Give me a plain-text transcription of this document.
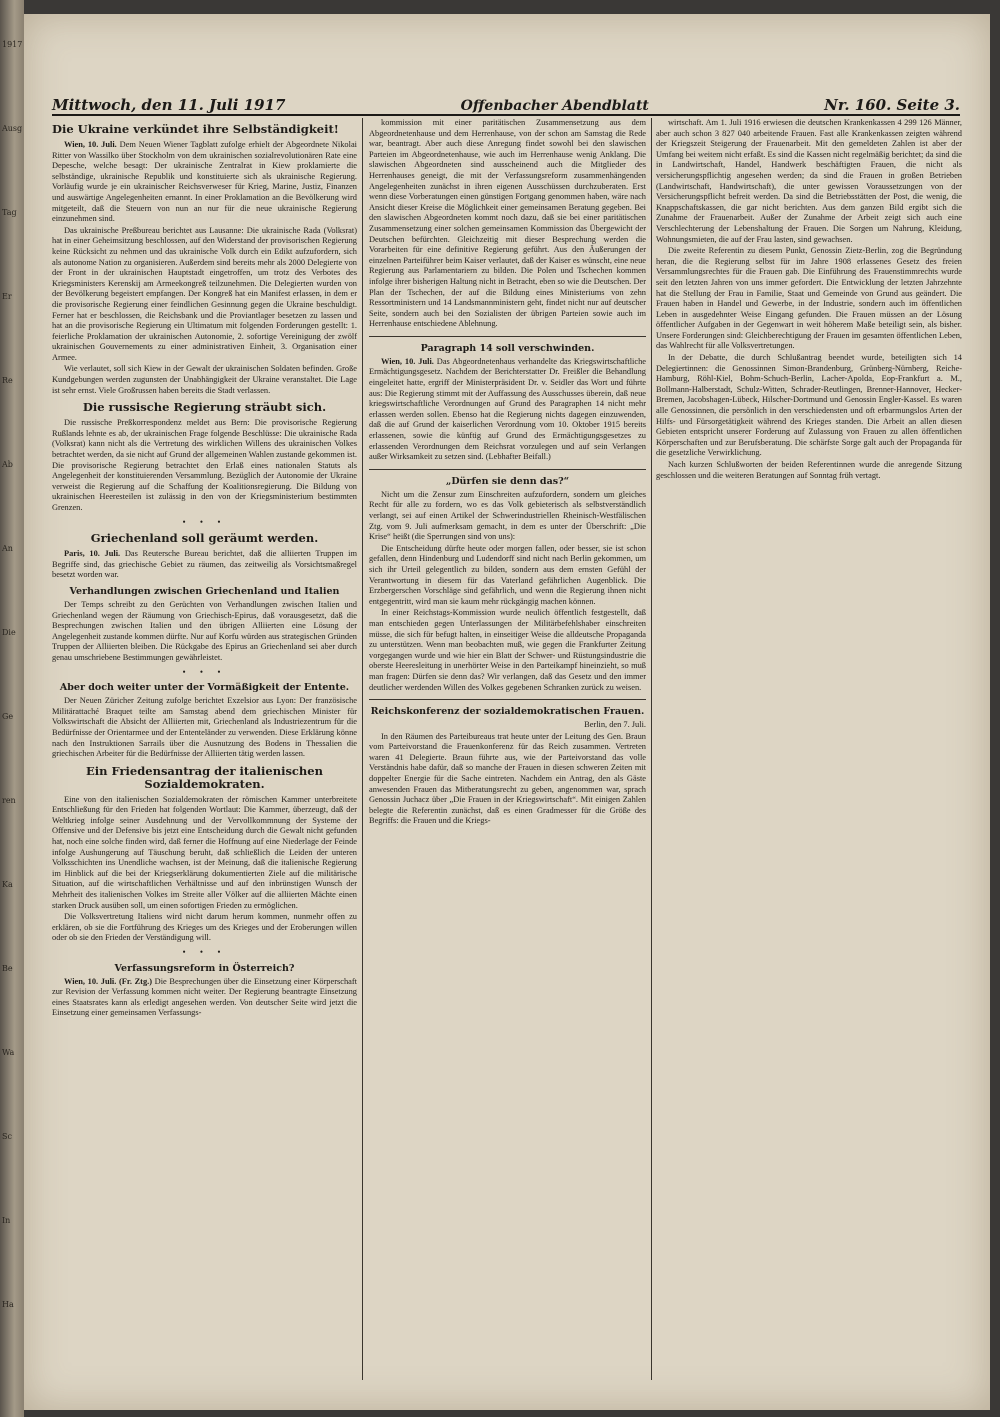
1917
Ausg
Tag
Er
Re
Ab
An
Die
Ge
ren
Ka
Be
Wa
Sc
In
Ha
Mittwoch, den 11. Juli 1917	Offenbacher Abendblatt	Nr. 160. Seite 3.
Die Ukraine verkündet ihre Selbständigkeit!

Wien, 10. Juli. Dem Neuen Wiener Tagblatt zufolge erhielt der Abgeordnete Nikolai Ritter von Wassilko über Stockholm von dem ukrainischen sozialrevolutionären Rate eine Depesche, welche besagt: Der ukrainische Zentralrat in Kiew proklamierte die selbständige, ukrainische Republik und konstituierte sich als ukrainische Regierung. Vorläufig wurde je ein ukrainischer Reichsverweser für Krieg, Marine, Justiz, Finanzen und auswärtige Angelegenheiten ernannt. In einer Proklamation an die Bevölkerung wird mitgeteilt, daß die Steuern von nun an nur für die neue ukrainische Regierung einzunehmen sind.

Das ukrainische Preßbureau berichtet aus Lausanne: Die ukrainische Rada (Volksrat) hat in einer Geheimsitzung beschlossen, auf den Widerstand der provisorischen Regierung keine Rücksicht zu nehmen und das ukrainische Volk durch ein Edikt aufzufordern, sich als autonome Nation zu organisieren. Außerdem sind bereits mehr als 2000 Delegierte von der Front in der ukrainischen Hauptstadt eingetroffen, um trotz des Verbotes des Kriegsministers Kerenskij am Armeekongreß teilzunehmen. Die Delegierten wurden von der Bevölkerung begeistert empfangen. Der Kongreß hat ein Manifest erlassen, in dem er die provisorische Regierung einer feindlichen Gesinnung gegen die Ukraine beschuldigt. Ferner hat er beschlossen, die Reichsbank und die Proviantlager besetzen zu lassen und hat an die provisorische Regierung ein Ultimatum mit folgenden Forderungen gestellt: 1. feierliche Proklamation der ukrainischen Autonomie, 2. sofortige Vereinigung der zwölf ukrainischen Gouvernements zu einer administrativen Einheit, 3. Organisation einer Armee.

Wie verlautet, soll sich Kiew in der Gewalt der ukrainischen Soldaten befinden. Große Kundgebungen werden zugunsten der Unabhängigkeit der Ukraine veranstaltet. Die Lage ist sehr ernst. Viele Großrussen haben bereits die Stadt verlassen.

Die russische Regierung sträubt sich.

Die russische Preßkorrespondenz meldet aus Bern: Die provisorische Regierung Rußlands lehnte es ab, der ukrainischen Frage folgende Beschlüsse: Die ukrainische Rada (Volksrat) kann nicht als die Vertretung des wirklichen Willens des ukrainischen Volkes betrachtet werden, da sie nicht auf Grund der allgemeinen Wahlen zustande gekommen ist. Die provisorische Regierung betrachtet den Erlaß eines nationalen Statuts als Angelegenheit der konstituierenden Versammlung. Bezüglich der Autonomie der Ukraine verweist die Regierung auf die Schaffung der Koalitionsregierung. Die Bildung von ukrainischen Heeresteilen ist zulässig in den von der Kriegsministerium bestimmten Grenzen.

• • •
Griechenland soll geräumt werden.

Paris, 10. Juli. Das Reutersche Bureau berichtet, daß die alliierten Truppen im Begriffe sind, das griechische Gebiet zu räumen, das zeitweilig als Vorsichtsmaßregel besetzt worden war.

Verhandlungen zwischen Griechenland und Italien

Der Temps schreibt zu den Gerüchten von Verhandlungen zwischen Italien und Griechenland wegen der Räumung von Griechisch-Epirus, daß vorausgesetzt, daß die Besprechungen zwischen Italien und den übrigen Alliierten eine Lösung der Angelegenheit zustande kommen dürfte. Nur auf Korfu würden aus strategischen Gründen Truppen der Alliierten bleiben. Die Rückgabe des Epirus an Griechenland sei aber durch genau umschriebene Bestimmungen gewährleistet.

• • •
Aber doch weiter unter der Vormäßigkeit der Entente.

Der Neuen Züricher Zeitung zufolge berichtet Exzelsior aus Lyon: Der französische Militärattaché Braquet teilte am Samstag abend dem griechischen Minister für Volkswirtschaft die Absicht der Alliierten mit, Griechenland als Industriezentrum für die Bedürfnisse der Orientarmee und der Ententeländer zu verwenden. Diese Erklärung könne nach den Instruktionen Sarrails über die Ausnutzung des Bodens in Thessalien die griechischen Arbeiter für die Bedürfnisse der Alliierten tätig werden lassen.

Ein Friedensantrag der italienischen Sozialdemokraten.

Eine von den italienischen Sozialdemokraten der römischen Kammer unterbreitete Entschließung für den Frieden hat folgenden Wortlaut: Die Kammer, überzeugt, daß der Weltkrieg infolge seiner Ausdehnung und der Vervollkommnung der Systeme der Offensive und der Defensive bis jetzt eine Entscheidung durch die Gewalt nicht gefunden hat, noch eine solche finden wird, daß ferner die Hoffnung auf eine Niederlage der Feinde infolge Aushungerung auf Täuschung beruht, daß schließlich die Leiden der unteren Volksschichten ins Unendliche wachsen, ist der Meinung, daß die italienische Regierung im Hinblick auf die bei der Kriegserklärung dokumentierten Ziele auf die militärische Situation, auf die wirtschaftlichen Verhältnisse und auf den inbrünstigen Wunsch der Mehrheit des italienischen Volkes im Streite aller Völker auf die alliierten Mächte einen starken Druck ausüben soll, um einen sofortigen Frieden zu ermöglichen.

Die Volksvertretung Italiens wird nicht darum herum kommen, nunmehr offen zu erklären, ob sie die Fortführung des Krieges um des Krieges und der Eroberungen willen oder ob sie den Frieden der Verständigung will.

• • •
Verfassungsreform in Österreich?

Wien, 10. Juli. (Fr. Ztg.) Die Besprechungen über die Einsetzung einer Körperschaft zur Revision der Verfassung kommen nicht weiter. Der Regierung beantragte Einsetzung eines Staatsrates kann als erledigt angesehen werden. Von deutscher Seite wird jetzt die Einsetzung einer gemeinsamen Verfassungs-

kommission mit einer paritätischen Zusammensetzung aus dem Abgeordnetenhause und dem Herrenhause, von der schon am Samstag die Rede war, beantragt. Aber auch diese Anregung findet sowohl bei den slawischen Parteien im Abgeordnetenhause, wie auch im Herrenhause wenig Anklang. Die slawischen Abgeordneten sind ausscheinend auch die Mitglieder des Herrenhauses geneigt, die mit der Verfassungsreform zusammenhängenden Angelegenheiten zunächst in ihren eigenen Ausschüssen durchzuberaten. Erst wenn diese Vorberatungen einen günstigen Fortgang genommen haben, wäre nach Ansicht dieser Kreise die Möglichkeit einer gemeinsamen Beratung gegeben. Bei den slawischen Abgeordneten kommt noch dazu, daß sie bei einer paritätischen Zusammensetzung einer solchen gemeinsamen Kommission das Übergewicht der Deutschen befürchten. Gleichzeitig mit dieser Besprechung werden die Vorarbeiten für eine definitive Regierung geführt. Aus den Äußerungen der einzelnen Parteiführer beim Kaiser verlautet, daß der Kaiser es wünscht, eine neue Regierung aus Parlamentariern zu bilden. Die Polen und Tschechen kommen infolge ihrer bisherigen Haltung nicht in Betracht, eben so wie die Deutschen. Der Plan der Tschechen, der auf die Bildung eines Ministeriums von zehn Ressortministern und 14 Landsmannministern geht, findet nicht nur auf deutscher Seite, sondern auch bei den Sozialisten der übrigen Parteien sowie auch im Herrenhause entschiedene Ablehnung.

Paragraph 14 soll verschwinden.

Wien, 10. Juli. Das Abgeordnetenhaus verhandelte das Kriegswirtschaftliche Ermächtigungsgesetz. Nachdem der Berichterstatter Dr. Freißler die Behandlung eingeleitet hatte, ergriff der Ministerpräsident Dr. v. Seidler das Wort und führte aus: Die Regierung stimmt mit der Auffassung des Ausschusses überein, daß neue kriegswirtschaftliche Verordnungen auf Grund des Paragraphen 14 nicht mehr erlassen werden sollen. Ebenso hat die Regierung nichts dagegen einzuwenden, daß die auf Grund der kaiserlichen Verordnung vom 10. Oktober 1915 bereits erlassenen, sowie die künftig auf Grund des Ermächtigungsgesetzes zu erlassenden Verordnungen dem Reichsrat vorzulegen und auf sein Verlangen außer Wirksamkeit zu setzen sind. (Lebhafter Beifall.)

„Dürfen sie denn das?“

Nicht um die Zensur zum Einschreiten aufzufordern, sondern um gleiches Recht für alle zu fordern, wo es das Volk gebieterisch als selbstverständlich verlangt, sei auf einen Artikel der Schwerindustriellen Rheinisch-Westfälischen Ztg. vom 9. Juli aufmerksam gemacht, in dem es unter der Überschrift: „Die Krise“ heißt (die Sperrungen sind von uns):

Die Entscheidung dürfte heute oder morgen fallen, oder besser, sie ist schon gefallen, denn Hindenburg und Ludendorff sind nicht nach Berlin gekommen, um sich ihr Urteil gelegentlich zu bilden, sondern aus dem ernsten Gefühl der Verantwortung in diesem für das Vaterland gefährlichen Augenblick. Die Erzbergerschen Vorschläge sind gefährlich, und wenn die Regierung ihnen nicht entgegentritt, wird man sie kaum mehr rückgängig machen können.

In einer Reichstags-Kommission wurde neulich öffentlich festgestellt, daß man entschieden gegen Unterlassungen der Militärbefehlshaber einschreiten müsse, die sich für befugt halten, in einseitiger Weise die alldeutsche Propaganda zu unterstützen. Wenn man beobachten muß, wie gegen die Frankfurter Zeitung vorgegangen wurde und wie hier ein Blatt der Schwer- und Rüstungsindustrie die oberste Heeresleitung in unerhörter Weise in den Parteikampf hineinzieht, so muß man fragen: Dürfen sie denn das? Wir verlangen, daß das Gesetz und den immer deutlicher werdenden Willen des Volkes gegebenen Schranken zurück zu weisen.

Reichskonferenz der sozialdemokratischen Frauen.

Berlin, den 7. Juli.

In den Räumen des Parteibureaus trat heute unter der Leitung des Gen. Braun vom Parteivorstand die Frauenkonferenz für das Reich zusammen. Vertreten waren 41 Delegierte. Braun führte aus, wie der Parteivorstand das volle Verständnis habe dafür, daß so manche der Frauen in diesen schweren Zeiten mit doppelter Energie für die Sache eintreten. Nachdem ein Antrag, den als Gäste anwesenden Frauen das Mitberatungsrecht zu geben, angenommen war, sprach Genossin Juchacz über „Die Frauen in der Kriegswirtschaft“. Mit einigen Zahlen belegte die Referentin zunächst, daß es einen Gradmesser für die Größe des Begriffs: die Frauen und die Kriegs-

wirtschaft. Am 1. Juli 1916 erwiesen die deutschen Krankenkassen 4 299 126 Männer, aber auch schon 3 827 040 arbeitende Frauen. Fast alle Krankenkassen zeigten während der Kriegszeit Steigerung der Frauenarbeit. Mit den gemeldeten Zahlen ist aber der Umfang bei weitem nicht erfaßt. Es sind die Kassen nicht regelmäßig berichtet; da sind die in Landwirtschaft, Handel, Handwerk beschäftigten Frauen, die nicht als versicherungspflichtig angesehen werden; da sind die Frauen in großen Betrieben (Landwirtschaft, Handwirtschaft), die unter gewissen Voraussetzungen von der Versicherungspflicht befreit werden. Da sind die Betriebsstätten der Post, die wenig, die Knappschaftskassen, die gar nicht berichten. Aus dem ganzen Bild ergibt sich die Zunahme der Frauenarbeit. Außer der Zunahme der Arbeit zeigt sich auch eine Verschlechterung der Lebenshaltung der Frauen. Die Sorgen um Nahrung, Kleidung, Wohnungsmieten, die auf der Frau lasten, sind gewachsen.

Die zweite Referentin zu diesem Punkt, Genossin Zietz-Berlin, zog die Begründung heran, die die Regierung selbst für im Jahre 1908 erlassenes Gesetz des freien Versammlungsrechtes für die Frauen gab. Die Einführung des Frauenstimmrechts wurde seit den letzten Jahren von uns immer gefordert. Die Entwicklung der letzten Jahrzehnte hat die Stellung der Frau in Familie, Staat und Gemeinde von Grund aus geändert. Die Frauen haben in Handel und Gewerbe, in der Industrie, sondern auch im öffentlichen Leben in ausgedehnter Weise Eingang gefunden. Die Frauen müssen an der Lösung öffentlicher Aufgaben in der Gegenwart in weit höherem Maße beteiligt sein, als bisher. Unsere Forderungen sind: Gleichberechtigung der Frauen im gesamten öffentlichen Leben, das Wahlrecht für alle Volksvertretungen.

In der Debatte, die durch Schlußantrag beendet wurde, beteiligten sich 14 Delegiertinnen: die Genossinnen Simon-Brandenburg, Grünberg-Nürnberg, Reiche-Hamburg, Röhl-Kiel, Bohm-Schuch-Berlin, Lacher-Apolda, Eop-Frankfurt a. M., Bollmann-Halberstadt, Schulz-Witten, Schrader-Reutlingen, Brenner-Hannover, Hecker-Bremen, Jacobshagen-Lübeck, Hilscher-Dortmund und Genossin Engler-Kassel. Es waren alle Genossinnen, die persönlich in den verschiedensten und oft erbarmungslos Arten der Hilfs- und Fürsorgetätigkeit während des Krieges standen. Die Arbeit an allen diesen Gebieten entspricht unserer Forderung auf Zulassung von Frauen zu allen öffentlichen Körperschaften und zur Berufsberatung. Die schärfste Sorge galt auch der Propaganda für die gesetzliche Verwirklichung.

Nach kurzen Schlußworten der beiden Referentinnen wurde die anregende Sitzung geschlossen und die weiteren Beratungen auf Sonntag früh vertagt.
